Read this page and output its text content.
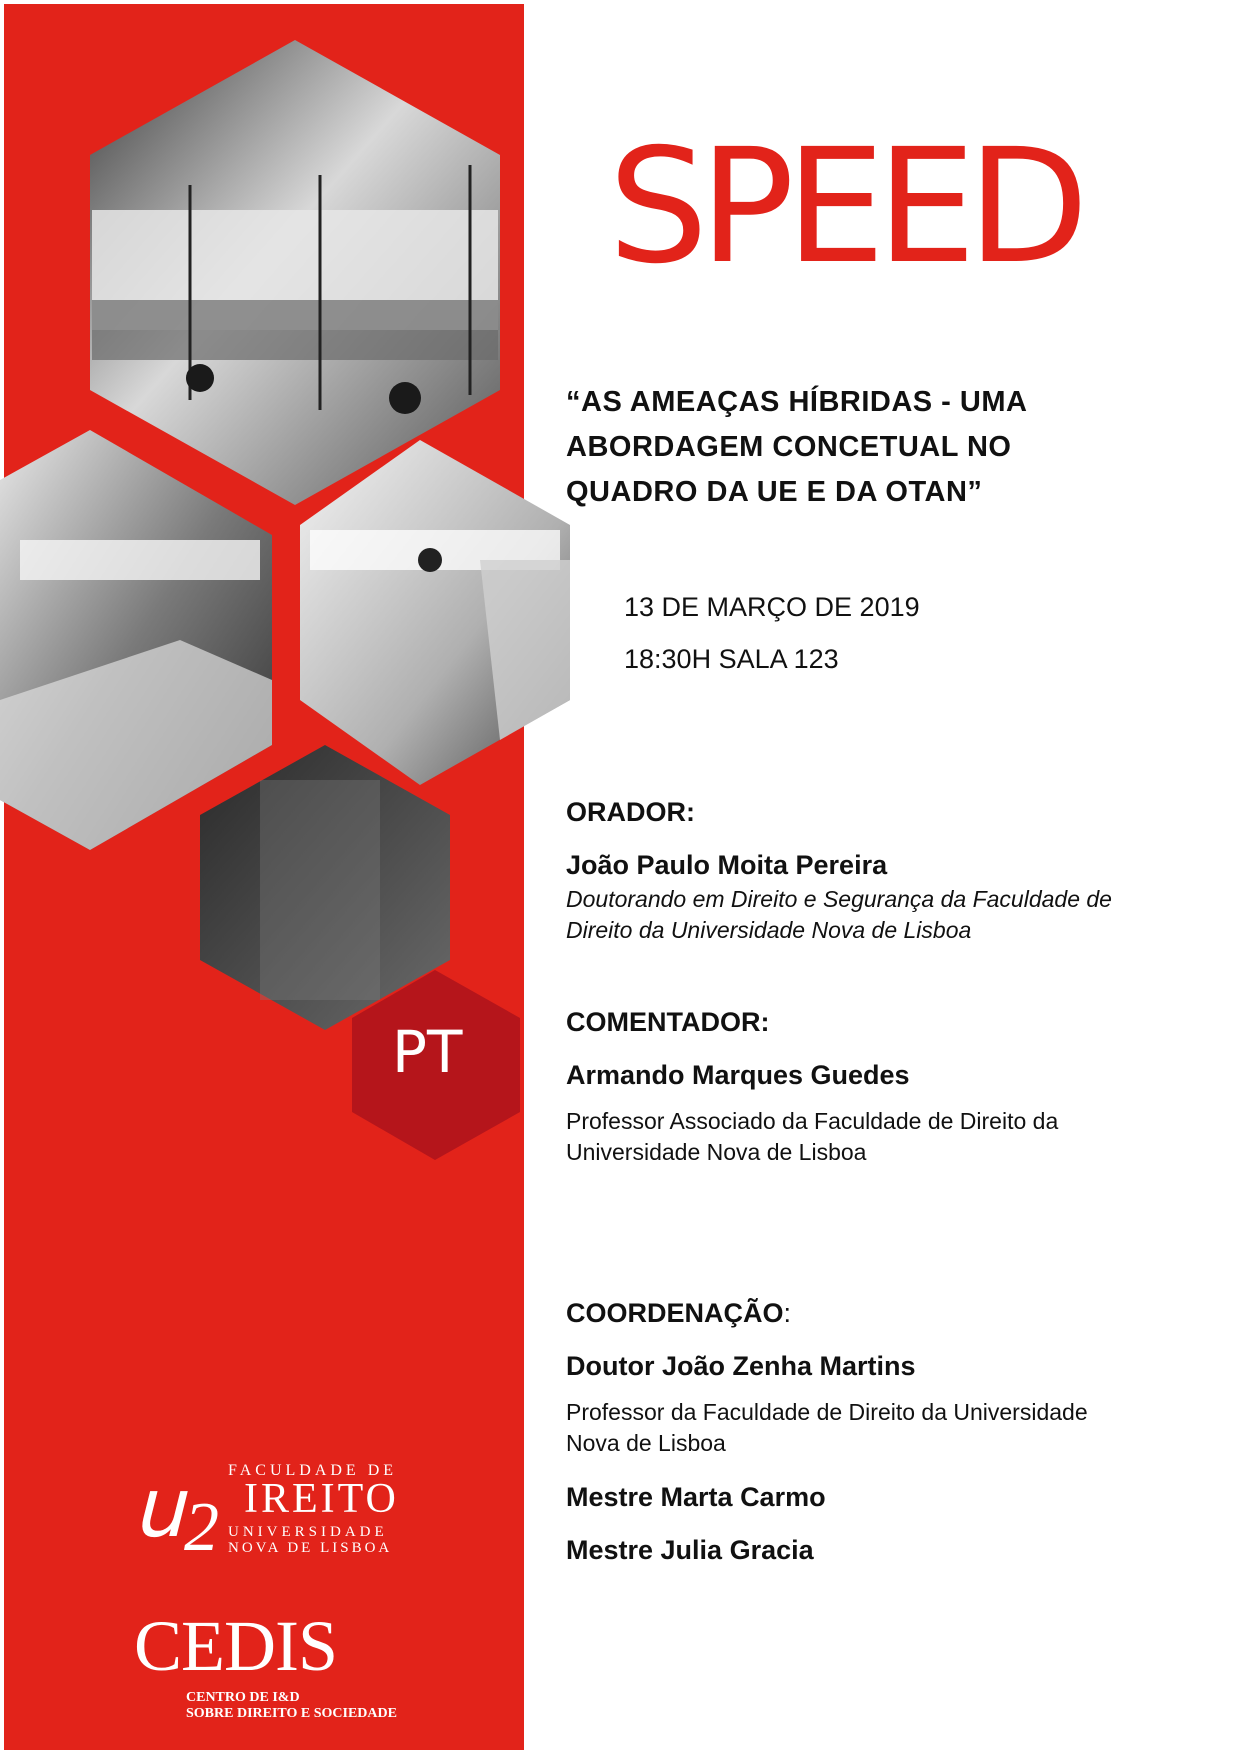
PT
SPEED
“AS AMEAÇAS HÍBRIDAS - UMA
ABORDAGEM CONCETUAL NO
QUADRO DA UE E DA OTAN”
13 DE MARÇO DE 2019
18:30H SALA 123
ORADOR:
João Paulo Moita Pereira
Doutorando em Direito e Segurança da Faculdade de
Direito da Universidade Nova de Lisboa
COMENTADOR:
Armando Marques Guedes
Professor Associado da Faculdade de Direito da
Universidade Nova de Lisboa
COORDENAÇÃO:
Doutor João Zenha Martins
Professor da Faculdade de Direito da Universidade
Nova de Lisboa
Mestre Marta Carmo
Mestre Julia Gracia
ս2
FACULDADE DE
IREITO
UNIVERSIDADE
NOVA DE LISBOA
CEDIS
CENTRO DE I&D
SOBRE DIREITO E SOCIEDADE
